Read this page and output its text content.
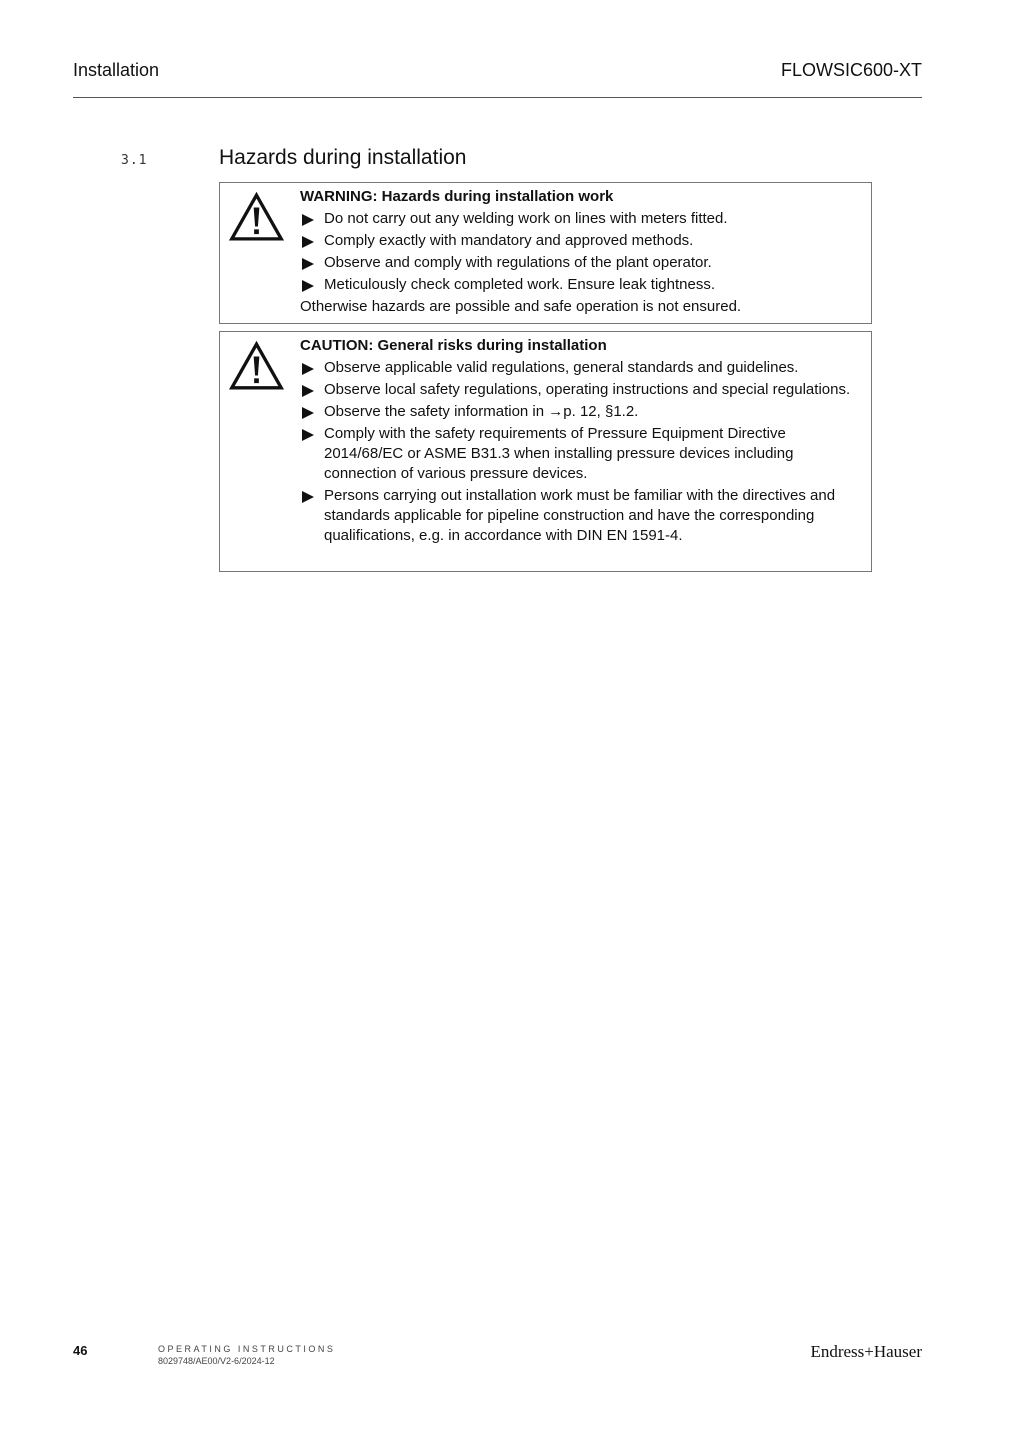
Installation	FLOWSIC600-XT
3.1	Hazards during installation
WARNING: Hazards during installation work
Do not carry out any welding work on lines with meters fitted.
Comply exactly with mandatory and approved methods.
Observe and comply with regulations of the plant operator.
Meticulously check completed work. Ensure leak tightness.
Otherwise hazards are possible and safe operation is not ensured.
CAUTION: General risks during installation
Observe applicable valid regulations, general standards and guidelines.
Observe local safety regulations, operating instructions and special regulations.
Observe the safety information in →p. 12, §1.2.
Comply with the safety requirements of Pressure Equipment Directive 2014/68/EC or ASME B31.3 when installing pressure devices including connection of various pressure devices.
Persons carrying out installation work must be familiar with the directives and standards applicable for pipeline construction and have the corresponding qualifications, e.g. in accordance with DIN EN 1591-4.
46	OPERATING INSTRUCTIONS
8029748/AE00/V2-6/2024-12	Endress+Hauser
